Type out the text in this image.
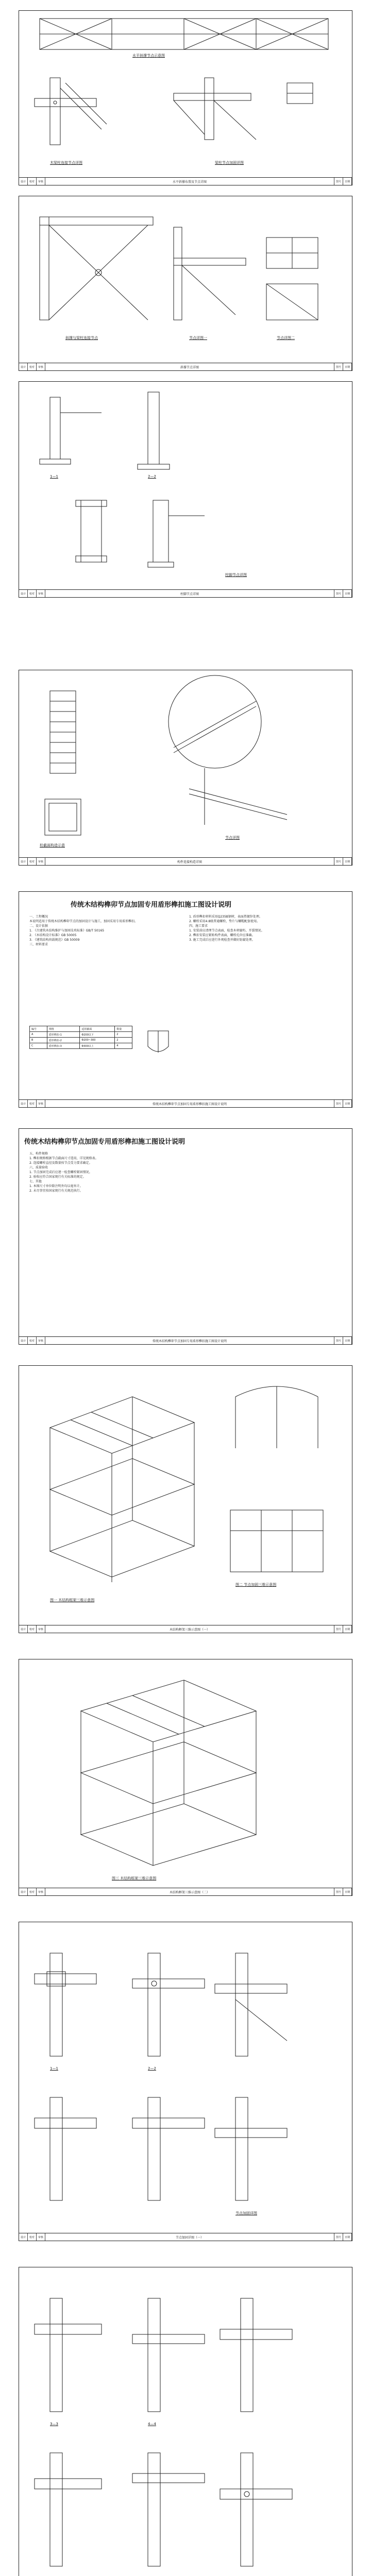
水平斜撑节点示意图
木梁柱连接节点详图	梁柱节点加固详图
设计	校对	审核	水平斜撑布置及节点详图	图号	日期
斜撑与梁柱连接节点	节点详图一	节点详图二
设计	校对	审核	斜撑节点详图	图号	日期
1—1	2—2
柱脚节点详图
设计	校对	审核	柱脚节点详图	图号	日期
柱截面构造示意
节点详图
设计	校对	审核	构件连接构造详图	图号	日期
传统木结构榫卯节点加固专用盾形榫扣施工图设计说明
一、工程概况
本说明适用于传统木结构榫卯节点的加固设计与施工，加固采用专用盾形榫扣。
二、设计依据
1. 《古建筑木结构维护与加固技术标准》GB/T 50165
2. 《木结构设计标准》GB 50005
3. 《建筑结构荷载规范》GB 50009
三、材料要求
1. 盾形榫扣材料采用Q235B钢材，表面热镀锌处理。
2. 螺栓采用4.8级普通螺栓，垫片与螺帽配套使用。
四、施工要求
1. 安装前应清理节点表面，检查木材腐朽、开裂情况。
2. 榫扣安装应紧贴构件表面，螺栓孔位应准确。
3. 施工完成后应进行外观检查并做好防腐处理。
编号	规格	适用截面	数量
A	盾形榫扣-1	Φ200以下	2
B	盾形榫扣-2	Φ200~300	2
C	盾形榫扣-3	Φ300以上	4
设计	校对	审核	传统木结构榫卯节点加固专用盾形榫扣施工图设计说明	图号	日期
传统木结构榫卯节点加固专用盾形榫扣施工图设计说明
五、构件规格
1. 榫扣规格根据节点截面尺寸选用，详见规格表。
2. 连接螺栓直径及数量按节点受力要求确定。
六、质量验收
1. 节点加固完成后应逐一检查螺栓紧固情况。
2. 验收应符合国家现行有关标准的规定。
七、其他
1. 本图尺寸单位除注明外均以毫米计。
2. 未尽事宜按国家现行有关规范执行。
设计	校对	审核	传统木结构榫卯节点加固专用盾形榫扣施工图设计说明	图号	日期
图一 木结构框架三维示意图
图二 节点加固三维示意图
设计	校对	审核	木结构框架三维示意图（一）	图号	日期
图三 木结构框架三维示意图
设计	校对	审核	木结构框架三维示意图（二）	图号	日期
1—1	2—2
节点加固详图
设计	校对	审核	节点加固详图（一）	图号	日期
3—3	4—4
